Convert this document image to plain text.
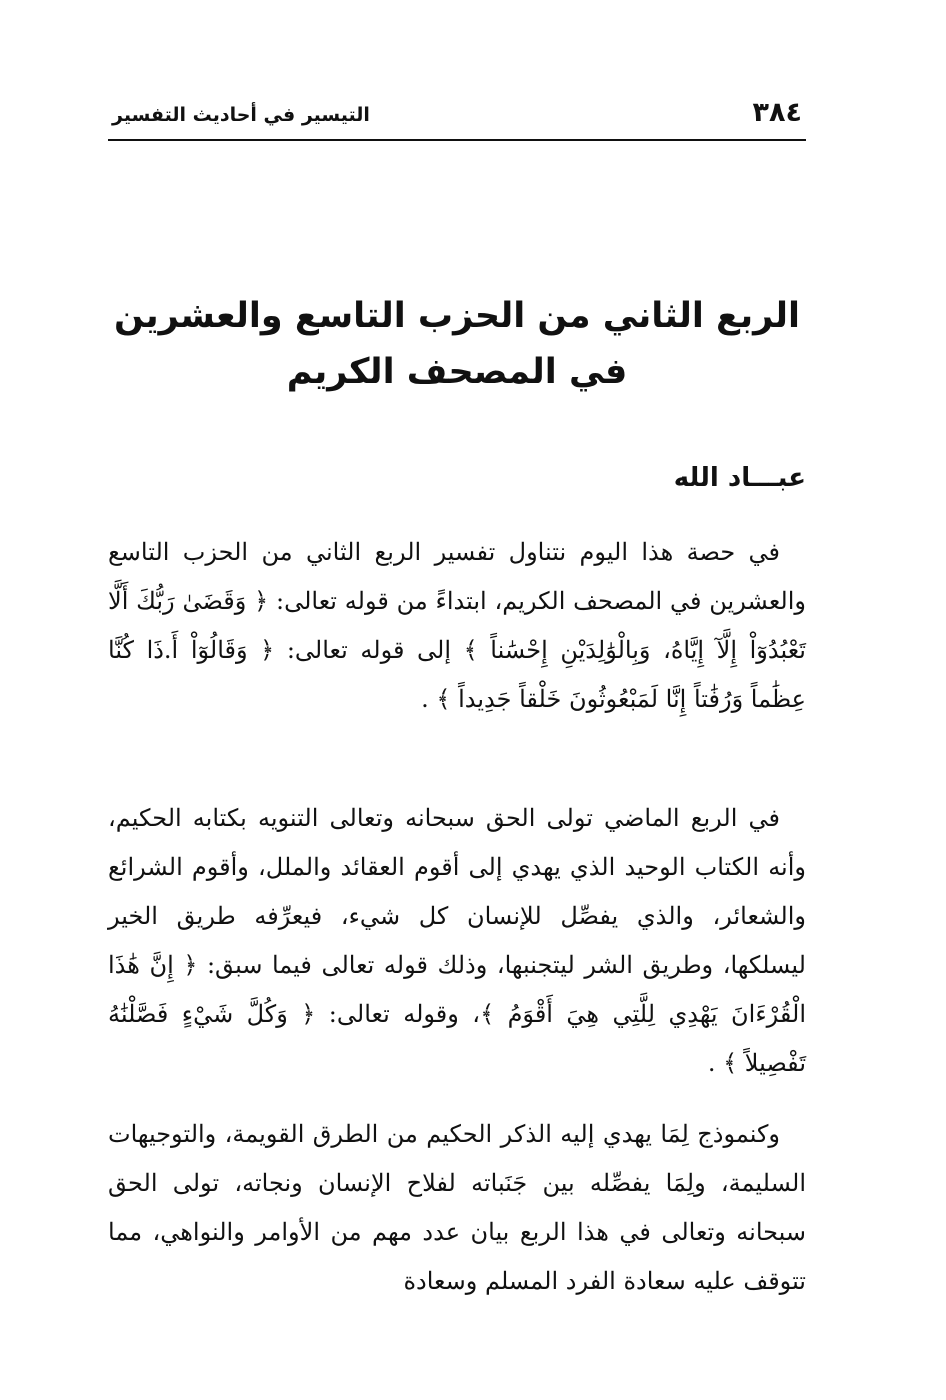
٣٨٤
التيسير في أحاديث التفسير
الربع الثاني من الحزب التاسع والعشرين
في المصحف الكريم
عبـــاد الله

في حصة هذا اليوم نتناول تفسير الربع الثاني من الحزب التاسع والعشرين في المصحف الكريم، ابتداءً من قوله تعالى: ﴿ وَقَضَىٰ رَبُّكَ أَلَّا تَعْبُدُوٓاْ إِلَّآ إِيَّاهُ، وَبِالْوَٰلِدَيْنِ إِحْسَٰناً ﴾ إلى قوله تعالى: ﴿ وَقَالُوٓاْ أَ.ذَا كُنَّا عِظَٰماً وَرُفَٰتاً إِنَّا لَمَبْعُوثُونَ خَلْقاً جَدِيداً ﴾ .

في الربع الماضي تولى الحق سبحانه وتعالى التنويه بكتابه الحكيم، وأنه الكتاب الوحيد الذي يهدي إلى أقوم العقائد والملل، وأقوم الشرائع والشعائر، والذي يفصِّل للإنسان كل شيء، فيعرِّفه طريق الخير ليسلكها، وطريق الشر ليتجنبها، وذلك قوله تعالى فيما سبق: ﴿ إِنَّ هَٰذَا الْقُرْءَانَ يَهْدِي لِلَّتِي هِيَ أَقْوَمُ ﴾، وقوله تعالى: ﴿ وَكُلَّ شَيْءٍ فَصَّلْنَٰهُ تَفْصِيلاً ﴾ .

وكنموذج لِمَا يهدي إليه الذكر الحكيم من الطرق القويمة، والتوجيهات السليمة، ولِمَا يفصِّله بين جَنَباته لفلاح الإنسان ونجاته، تولى الحق سبحانه وتعالى في هذا الربع بيان عدد مهم من الأوامر والنواهي، مما تتوقف عليه سعادة الفرد المسلم وسعادة
